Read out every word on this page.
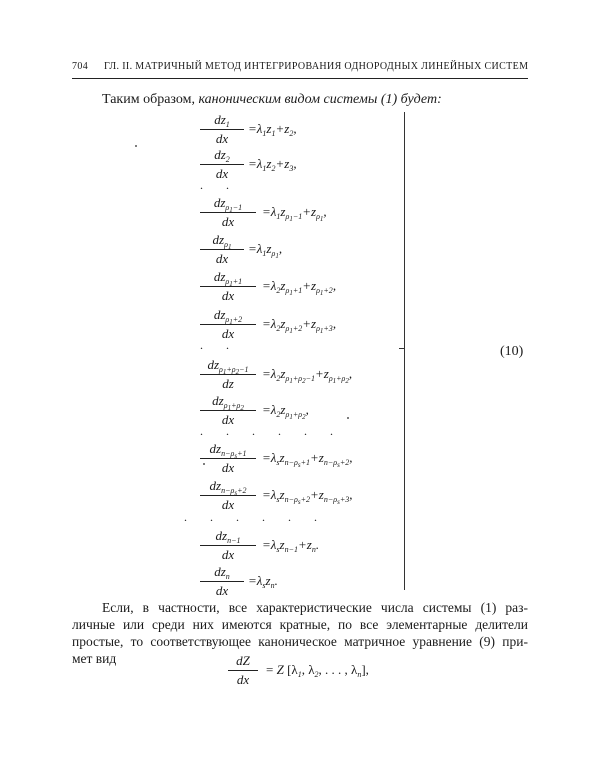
704 ГЛ. II. МАТРИЧНЫЙ МЕТОД ИНТЕГРИРОВАНИЯ ОДНОРОДНЫХ ЛИНЕЙНЫХ СИСТЕМ
Таким образом, каноническим видом системы (1) будет:
$dz_1$
dx
$=\lambda_1z_1+z_2$,
$dz_2$
dx
$=\lambda_1z_2+z_3$,
. .
$dz_{\rho_1-1}$
dx
$=\lambda_1z_{\rho_1-1}+z_{\rho_1}$,
$dz_{\rho_1}$
dx
$=\lambda_1z_{\rho_1}$,
$dz_{\rho_1+1}$
dx
$=\lambda_2z_{\rho_1+1}+z_{\rho_1+2}$,
$dz_{\rho_1+2}$
dx
$=\lambda_2z_{\rho_1+2}+z_{\rho_1+3}$,
. .
$dz_{\rho_1+\rho_2-1}$
dz
$=\lambda_2z_{\rho_1+\rho_2-1}+z_{\rho_1+\rho_2}$,
$dz_{\rho_1+\rho_2}$
dx
$=\lambda_2z_{\rho_1+\rho_2}$,
. . . . . .
$dz_{n-\rho_s+1}$
dx
$=\lambda_sz_{n-\rho_s+1}+z_{n-\rho_s+2}$,
$dz_{n-\rho_s+2}$
dx
$=\lambda_sz_{n-\rho_s+2}+z_{n-\rho_s+3}$,
. . . . . .
$dz_{n-1}$
dx
$=\lambda_sz_{n-1}+z_n$.
$dz_n$
dx
$=\lambda_sz_n$.
(10)
Если, в частности, все характеристические числа системы (1) раз-
личные или среди них имеются кратные, по все элементарные делители
простые, то соответствующее каноническое матричное уравнение (9) при-
мет вид	dZ
dx
= Z [$\lambda_1$, $\lambda_2$, . . . , $\lambda_n$],
